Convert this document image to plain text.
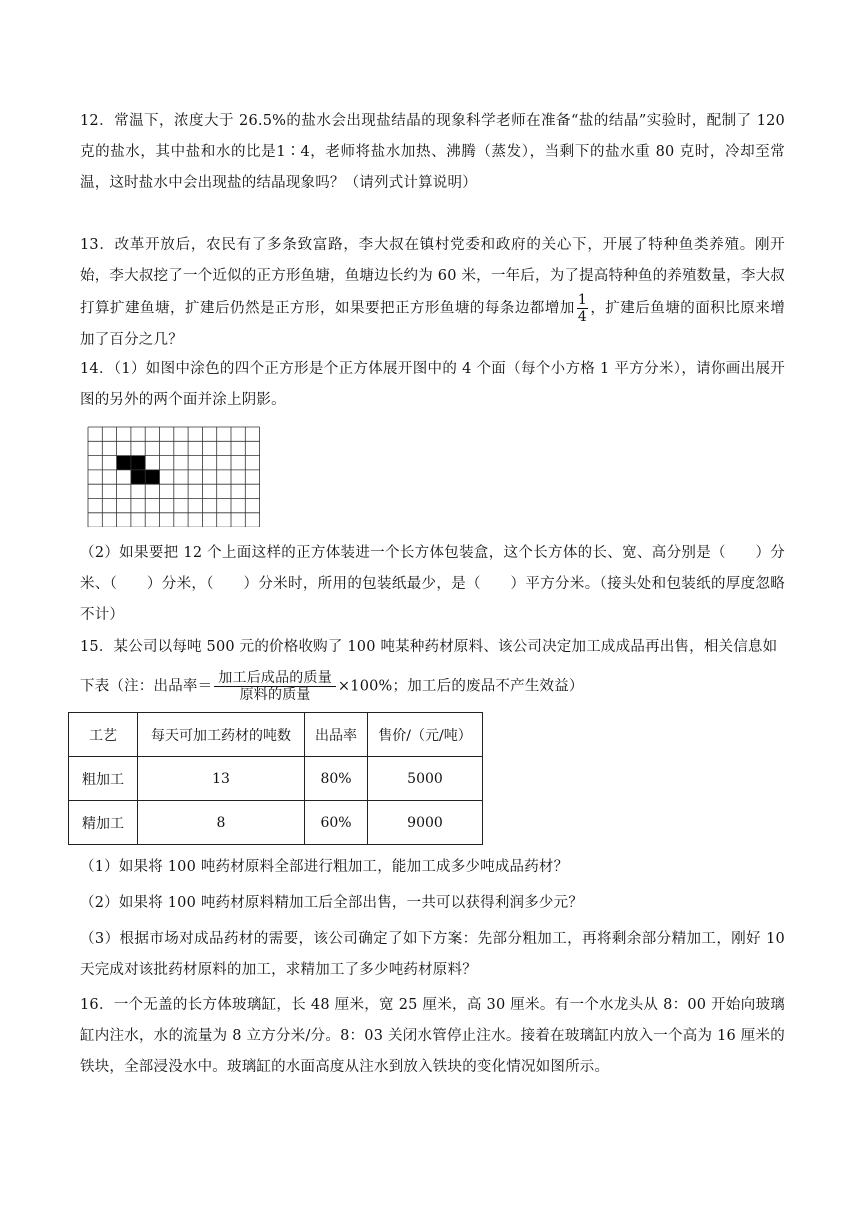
12．常温下，浓度大于 26.5%的盐水会出现盐结晶的现象科学老师在准备“盐的结晶”实验时，配制了 120 克的盐水，其中盐和水的比是1∶4，老师将盐水加热、沸腾（蒸发），当剩下的盐水重 80 克时，冷却至常温，这时盐水中会出现盐的结晶现象吗？（请列式计算说明）
13．改革开放后，农民有了多条致富路，李大叔在镇村党委和政府的关心下，开展了特种鱼类养殖。刚开始，李大叔挖了一个近似的正方形鱼塘，鱼塘边长约为 60 米，一年后，为了提高特种鱼的养殖数量，李大叔打算扩建鱼塘，扩建后仍然是正方形，如果要把正方形鱼塘的每条边都增加 $\frac{1}{4}$ ，扩建后鱼塘的面积比原来增加了百分之几？
14．（1）如图中涂色的四个正方形是个正方体展开图中的 4 个面（每个小方格 1 平方分米），请你画出展开图的另外的两个面并涂上阴影。
（2）如果要把 12 个上面这样的正方体装进一个长方体包装盒，这个长方体的长、宽、高分别是（　　）分米、（　　）分米，（　　）分米时，所用的包装纸最少，是（　　）平方分米。（接头处和包装纸的厚度忽略不计）
15．某公司以每吨 500 元的价格收购了 100 吨某种药材原料、该公司决定加工成成品再出售，相关信息如
下表（注：出品率＝ $\frac{\text{加工后成品的质量}}{\text{原料的质量}} \times 100\%$；加工后的废品不产生效益）
工艺	每天可加工药材的吨数	出品率	售价/（元/吨）
粗加工	13	80%	5000
精加工	8	60%	9000
（1）如果将 100 吨药材原料全部进行粗加工，能加工成多少吨成品药材？
（2）如果将 100 吨药材原料精加工后全部出售，一共可以获得利润多少元？
（3）根据市场对成品药材的需要，该公司确定了如下方案：先部分粗加工，再将剩余部分精加工，刚好 10 天完成对该批药材原料的加工，求精加工了多少吨药材原料？
16．一个无盖的长方体玻璃缸，长 48 厘米，宽 25 厘米，高 30 厘米。有一个水龙头从 8：00 开始向玻璃缸内注水，水的流量为 8 立方分米/分。8：03 关闭水管停止注水。接着在玻璃缸内放入一个高为 16 厘米的铁块，全部浸没水中。玻璃缸的水面高度从注水到放入铁块的变化情况如图所示。
